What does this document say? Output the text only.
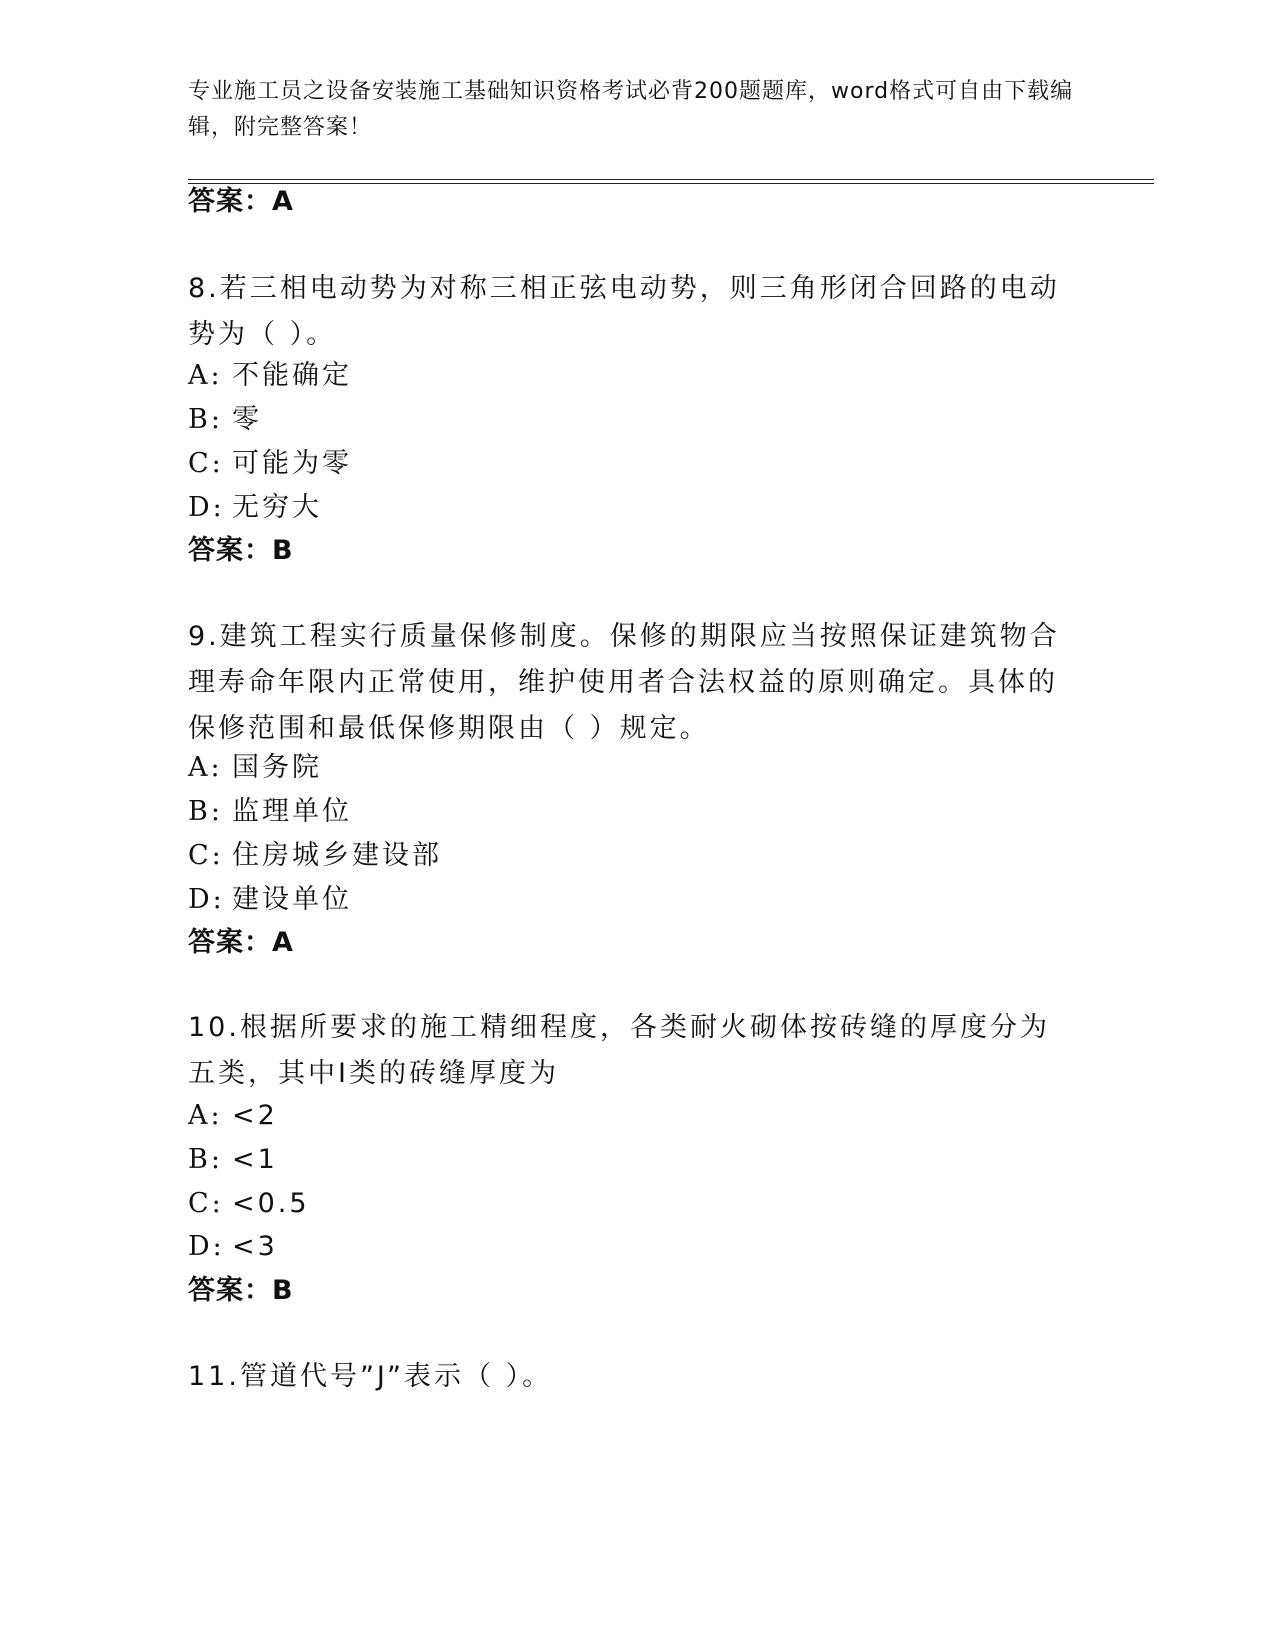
专业施工员之设备安装施工基础知识资格考试必背200题题库，word格式可自由下载编辑，附完整答案！
答案：A
8.若三相电动势为对称三相正弦电动势，则三角形闭合回路的电动势为（ ）。
A: 不能确定
B: 零
C: 可能为零
D: 无穷大
答案：B
9.建筑工程实行质量保修制度。保修的期限应当按照保证建筑物合理寿命年限内正常使用，维护使用者合法权益的原则确定。具体的保修范围和最低保修期限由（ ）规定。
A: 国务院
B: 监理单位
C: 住房城乡建设部
D: 建设单位
答案：A
10.根据所要求的施工精细程度，各类耐火砌体按砖缝的厚度分为五类，其中Ⅰ类的砖缝厚度为
A: <2
B: <1
C: <0.5
D: <3
答案：B
11.管道代号”J”表示（ ）。
